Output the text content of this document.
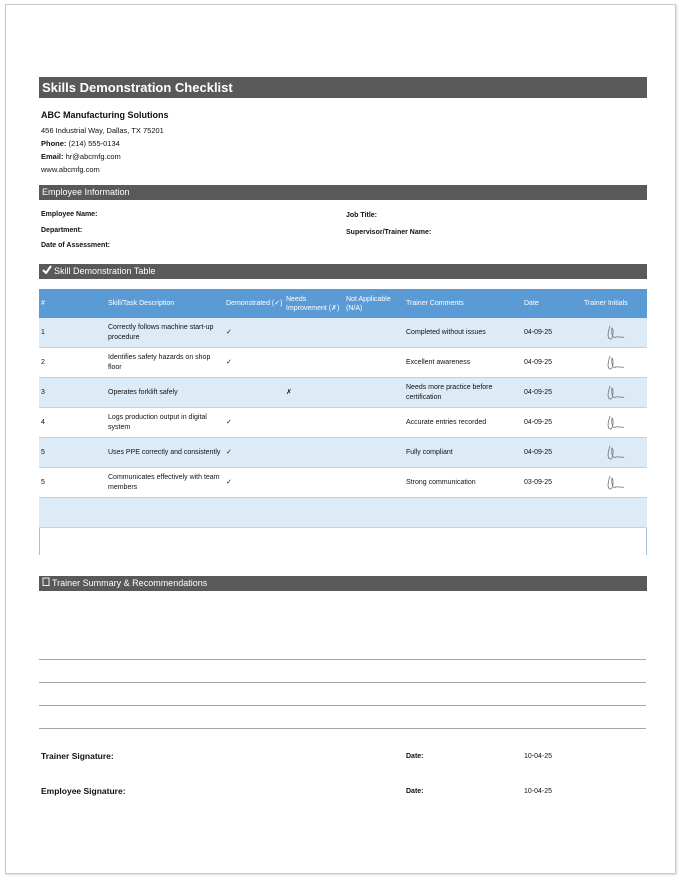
Skills Demonstration Checklist
ABC Manufacturing Solutions
456 Industrial Way, Dallas, TX 75201
Phone: (214) 555-0134
Email: hr@abcmfg.com
www.abcmfg.com
Employee Information
Employee Name:
Department:
Date of Assessment:
Job Title:
Supervisor/Trainer Name:
Skill Demonstration Table
#	Skill/Task Description	Demonstrated (✓)	Needs Improvement (✗)	Not Applicable (N/A)	Trainer Comments	Date	Trainer Initials
1	Correctly follows machine start-up procedure	✓			Completed without issues	04-09-25	

2	Identifies safety hazards on shop floor	✓			Excellent awareness	04-09-25	

3	Operates forklift safely		✗		Needs more practice before certification	04-09-25	

4	Logs production output in digital system	✓			Accurate entries recorded	04-09-25	

5	Uses PPE correctly and consistently	✓			Fully compliant	04-09-25	

5	Communicates effectively with team members	✓			Strong communication	03-09-25	

Trainer Summary & Recommendations
Trainer Signature:	Date:	10-04-25
Employee Signature:	Date:	10-04-25
